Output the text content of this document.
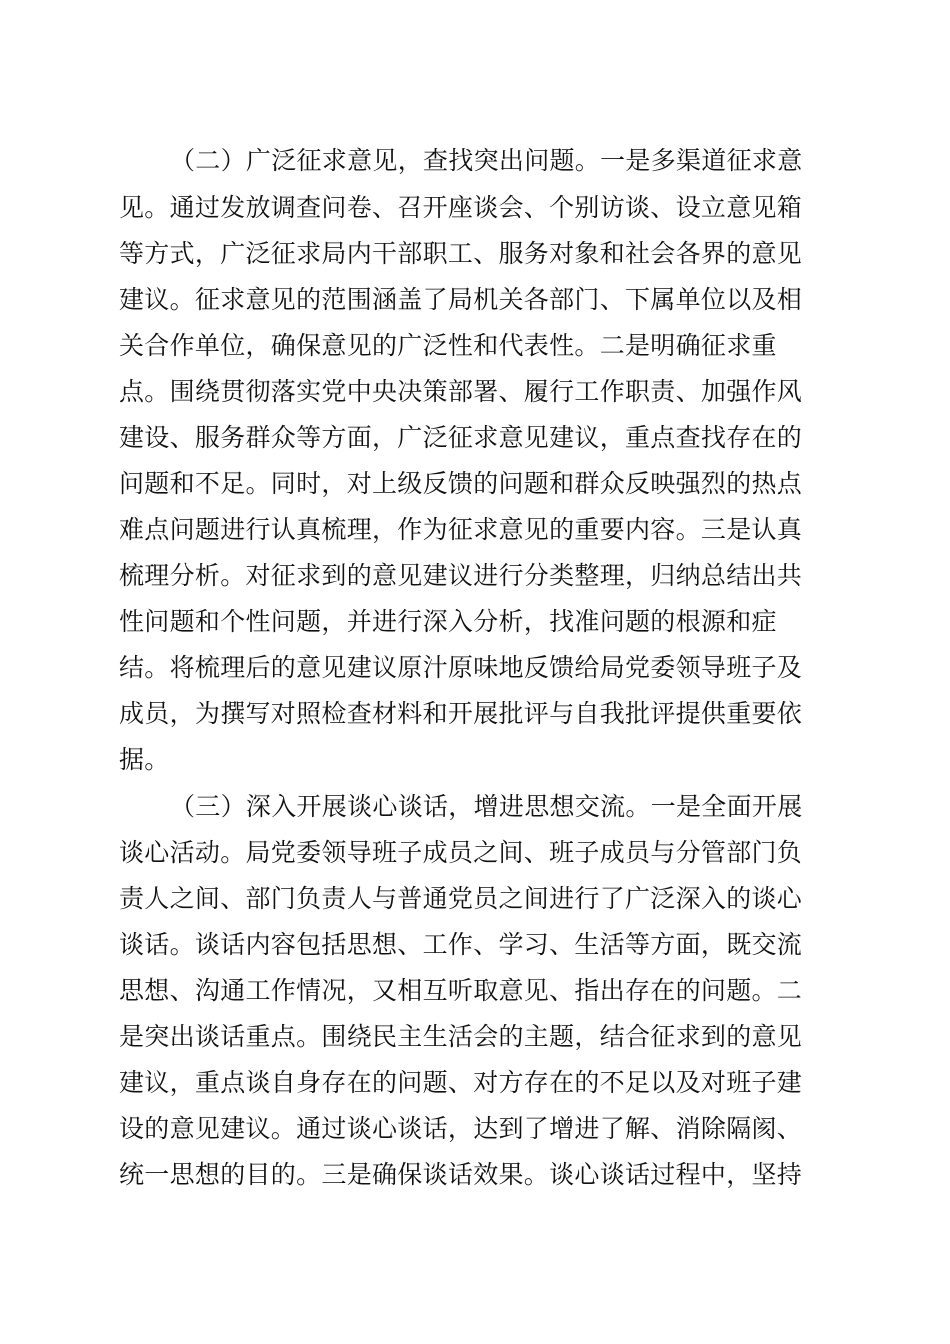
（二）广泛征求意见，查找突出问题。一是多渠道征求意
见。通过发放调查问卷、召开座谈会、个别访谈、设立意见箱
等方式，广泛征求局内干部职工、服务对象和社会各界的意见
建议。征求意见的范围涵盖了局机关各部门、下属单位以及相
关合作单位，确保意见的广泛性和代表性。二是明确征求重
点。围绕贯彻落实党中央决策部署、履行工作职责、加强作风
建设、服务群众等方面，广泛征求意见建议，重点查找存在的
问题和不足。同时，对上级反馈的问题和群众反映强烈的热点
难点问题进行认真梳理，作为征求意见的重要内容。三是认真
梳理分析。对征求到的意见建议进行分类整理，归纳总结出共
性问题和个性问题，并进行深入分析，找准问题的根源和症
结。将梳理后的意见建议原汁原味地反馈给局党委领导班子及
成员，为撰写对照检查材料和开展批评与自我批评提供重要依
据。
（三）深入开展谈心谈话，增进思想交流。一是全面开展
谈心活动。局党委领导班子成员之间、班子成员与分管部门负
责人之间、部门负责人与普通党员之间进行了广泛深入的谈心
谈话。谈话内容包括思想、工作、学习、生活等方面，既交流
思想、沟通工作情况，又相互听取意见、指出存在的问题。二
是突出谈话重点。围绕民主生活会的主题，结合征求到的意见
建议，重点谈自身存在的问题、对方存在的不足以及对班子建
设的意见建议。通过谈心谈话，达到了增进了解、消除隔阂、
统一思想的目的。三是确保谈话效果。谈心谈话过程中，坚持
